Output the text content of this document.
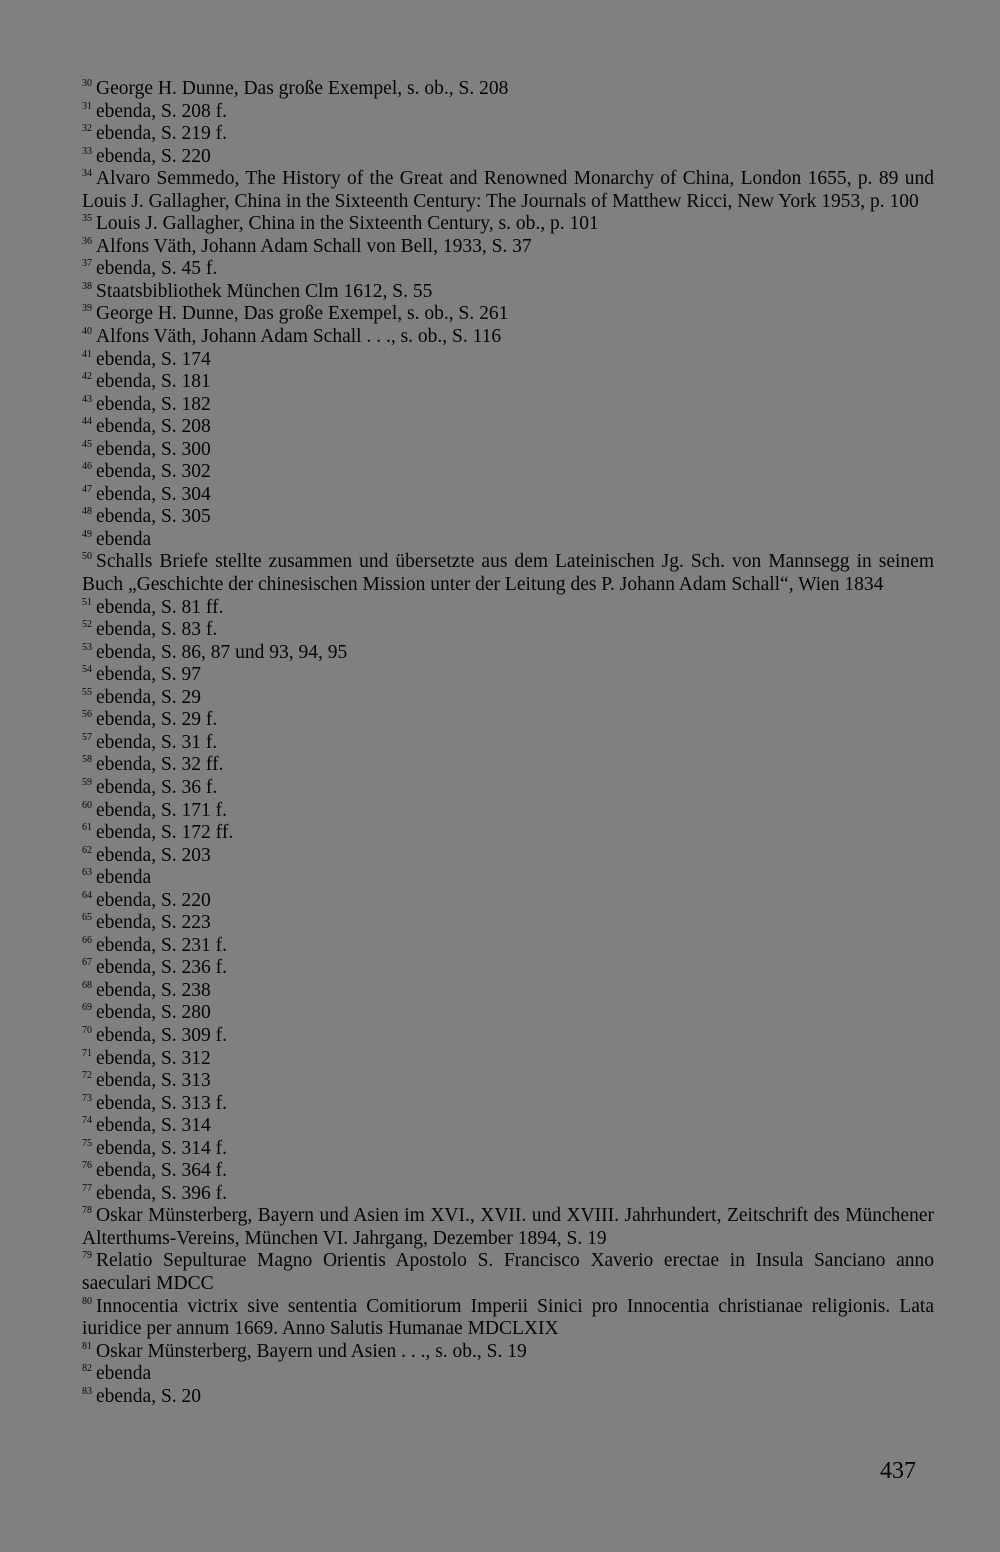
$^{30}$ George H. Dunne, Das große Exempel, s. ob., S. 208

$^{31}$ ebenda, S. 208 f.

$^{32}$ ebenda, S. 219 f.

$^{33}$ ebenda, S. 220

$^{34}$ Alvaro Semmedo, The History of the Great and Renowned Monarchy of China, London 1655, p. 89 und Louis J. Gallagher, China in the Sixteenth Century: The Journals of Matthew Ricci, New York 1953, p. 100

$^{35}$ Louis J. Gallagher, China in the Sixteenth Century, s. ob., p. 101

$^{36}$ Alfons Väth, Johann Adam Schall von Bell, 1933, S. 37

$^{37}$ ebenda, S. 45 f.

$^{38}$ Staatsbibliothek München Clm 1612, S. 55

$^{39}$ George H. Dunne, Das große Exempel, s. ob., S. 261

$^{40}$ Alfons Väth, Johann Adam Schall . . ., s. ob., S. 116

$^{41}$ ebenda, S. 174

$^{42}$ ebenda, S. 181

$^{43}$ ebenda, S. 182

$^{44}$ ebenda, S. 208

$^{45}$ ebenda, S. 300

$^{46}$ ebenda, S. 302

$^{47}$ ebenda, S. 304

$^{48}$ ebenda, S. 305

$^{49}$ ebenda

$^{50}$ Schalls Briefe stellte zusammen und übersetzte aus dem Lateinischen Jg. Sch. von Mannsegg in seinem Buch „Geschichte der chinesischen Mission unter der Leitung des P. Johann Adam Schall“, Wien 1834

$^{51}$ ebenda, S. 81 ff.

$^{52}$ ebenda, S. 83 f.

$^{53}$ ebenda, S. 86, 87 und 93, 94, 95

$^{54}$ ebenda, S. 97

$^{55}$ ebenda, S. 29

$^{56}$ ebenda, S. 29 f.

$^{57}$ ebenda, S. 31 f.

$^{58}$ ebenda, S. 32 ff.

$^{59}$ ebenda, S. 36 f.

$^{60}$ ebenda, S. 171 f.

$^{61}$ ebenda, S. 172 ff.

$^{62}$ ebenda, S. 203

$^{63}$ ebenda

$^{64}$ ebenda, S. 220

$^{65}$ ebenda, S. 223

$^{66}$ ebenda, S. 231 f.

$^{67}$ ebenda, S. 236 f.

$^{68}$ ebenda, S. 238

$^{69}$ ebenda, S. 280

$^{70}$ ebenda, S. 309 f.

$^{71}$ ebenda, S. 312

$^{72}$ ebenda, S. 313

$^{73}$ ebenda, S. 313 f.

$^{74}$ ebenda, S. 314

$^{75}$ ebenda, S. 314 f.

$^{76}$ ebenda, S. 364 f.

$^{77}$ ebenda, S. 396 f.

$^{78}$ Oskar Münsterberg, Bayern und Asien im XVI., XVII. und XVIII. Jahrhundert, Zeitschrift des Münchener Alterthums-Vereins, München VI. Jahrgang, Dezember 1894, S. 19

$^{79}$ Relatio Sepulturae Magno Orientis Apostolo S. Francisco Xaverio erectae in Insula Sanciano anno saeculari MDCC

$^{80}$ Innocentia victrix sive sententia Comitiorum Imperii Sinici pro Innocentia christianae religionis. Lata iuridice per annum 1669. Anno Salutis Humanae MDCLXIX

$^{81}$ Oskar Münsterberg, Bayern und Asien . . ., s. ob., S. 19

$^{82}$ ebenda

$^{83}$ ebenda, S. 20

437
